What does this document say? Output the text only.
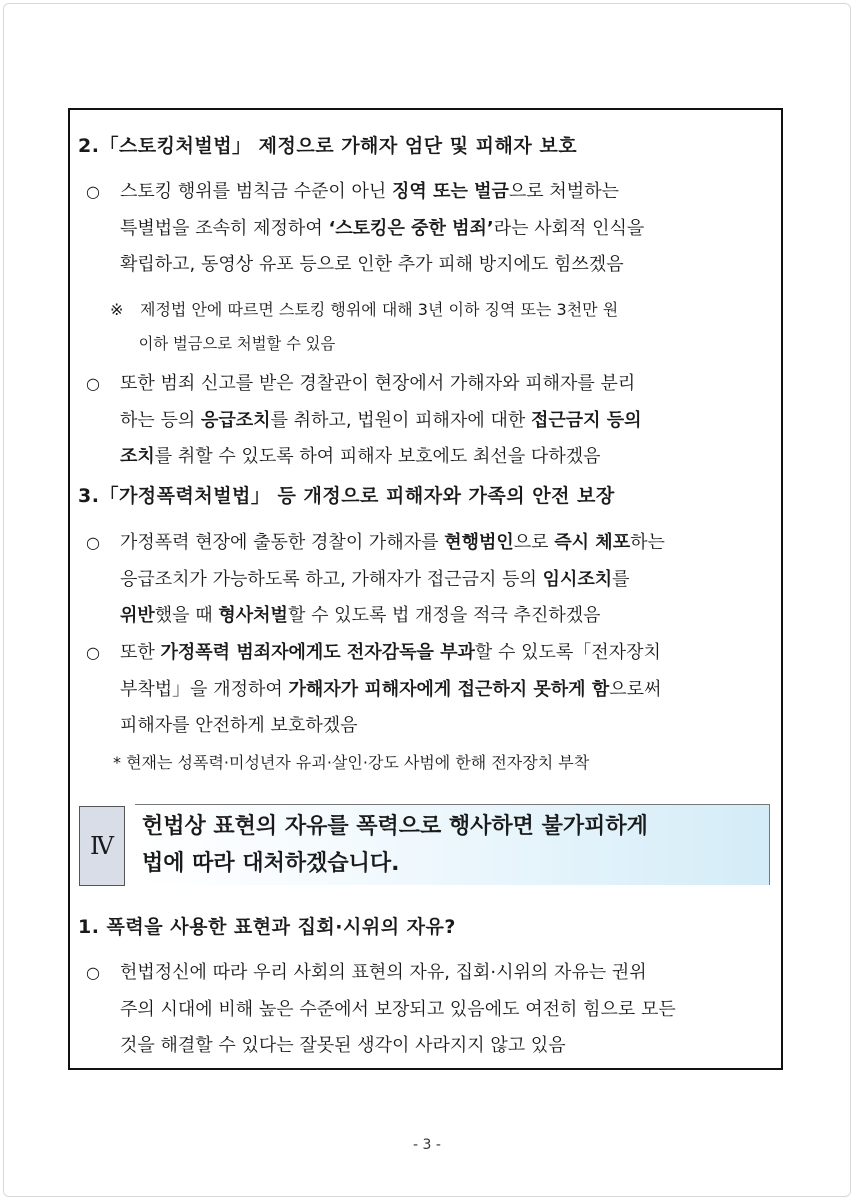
2.「스토킹처벌법」 제정으로 가해자 엄단 및 피해자 보호
○ 스토킹 행위를 범칙금 수준이 아닌 징역 또는 벌금으로 처벌하는
특별법을 조속히 제정하여 ‘스토킹은 중한 범죄’라는 사회적 인식을
확립하고, 동영상 유포 등으로 인한 추가 피해 방지에도 힘쓰겠음
※ 제정법 안에 따르면 스토킹 행위에 대해 3년 이하 징역 또는 3천만 원
이하 벌금으로 처벌할 수 있음
○ 또한 범죄 신고를 받은 경찰관이 현장에서 가해자와 피해자를 분리
하는 등의 응급조치를 취하고, 법원이 피해자에 대한 접근금지 등의
조치를 취할 수 있도록 하여 피해자 보호에도 최선을 다하겠음
3.「가정폭력처벌법」 등 개정으로 피해자와 가족의 안전 보장
○ 가정폭력 현장에 출동한 경찰이 가해자를 현행범인으로 즉시 체포하는
응급조치가 가능하도록 하고, 가해자가 접근금지 등의 임시조치를
위반했을 때 형사처벌할 수 있도록 법 개정을 적극 추진하겠음
○ 또한 가정폭력 범죄자에게도 전자감독을 부과할 수 있도록「전자장치
부착법」을 개정하여 가해자가 피해자에게 접근하지 못하게 함으로써
피해자를 안전하게 보호하겠음
* 현재는 성폭력·미성년자 유괴·살인·강도 사범에 한해 전자장치 부착
Ⅳ
헌법상 표현의 자유를 폭력으로 행사하면 불가피하게
법에 따라 대처하겠습니다.
1. 폭력을 사용한 표현과 집회·시위의 자유?
○ 헌법정신에 따라 우리 사회의 표현의 자유, 집회·시위의 자유는 권위
주의 시대에 비해 높은 수준에서 보장되고 있음에도 여전히 힘으로 모든
것을 해결할 수 있다는 잘못된 생각이 사라지지 않고 있음
- 3 -
